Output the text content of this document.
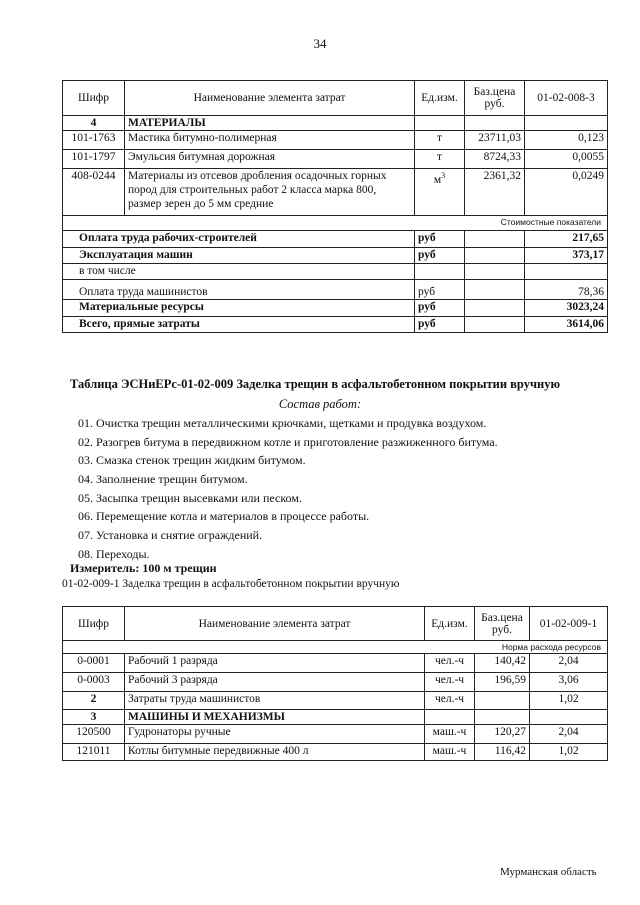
34
Шифр	Наименование элемента затрат	Ед.изм.	Баз.цена руб.	01-02-008-3
4	МАТЕРИАЛЫ			
101-1763	Мастика битумно-полимерная	т	23711,03	0,123
101-1797	Эмульсия битумная дорожная	т	8724,33	0,0055
408-0244	Материалы из отсевов дробления осадочных горных пород для строительных работ 2 класса марка 800, размер зерен до 5 мм средние	$м^3$	2361,32	0,0249
Стоимостные показатели				
Оплата труда рабочих-строителей		руб		217,65
Эксплуатация машин		руб		373,17
в том числе				
Оплата труда машинистов		руб		78,36
Материальные ресурсы		руб		3023,24
Всего, прямые затраты		руб		3614,06
Таблица ЭСНиЕРс-01-02-009 Заделка трещин в асфальтобетонном покрытии вручную
Состав работ:
01. Очистка трещин металлическими крючками, щетками и продувка воздухом.
02. Разогрев битума в передвижном котле и приготовление разжиженного битума.
03. Смазка стенок трещин жидким битумом.
04. Заполнение трещин битумом.
05. Засыпка трещин высевками или песком.
06. Перемещение котла и материалов в процессе работы.
07. Установка и снятие ограждений.
08. Переходы.
Измеритель: 100 м трещин
01-02-009-1 Заделка трещин в асфальтобетонном покрытии вручную
Шифр	Наименование элемента затрат	Ед.изм.	Баз.цена руб.	01-02-009-1
Норма расхода ресурсов				
0-0001	Рабочий 1 разряда	чел.-ч	140,42	2,04
0-0003	Рабочий 3 разряда	чел.-ч	196,59	3,06
2	Затраты труда машинистов	чел.-ч		1,02
3	МАШИНЫ И МЕХАНИЗМЫ			
120500	Гудронаторы ручные	маш.-ч	120,27	2,04
121011	Котлы битумные передвижные 400 л	маш.-ч	116,42	1,02
Мурманская область
